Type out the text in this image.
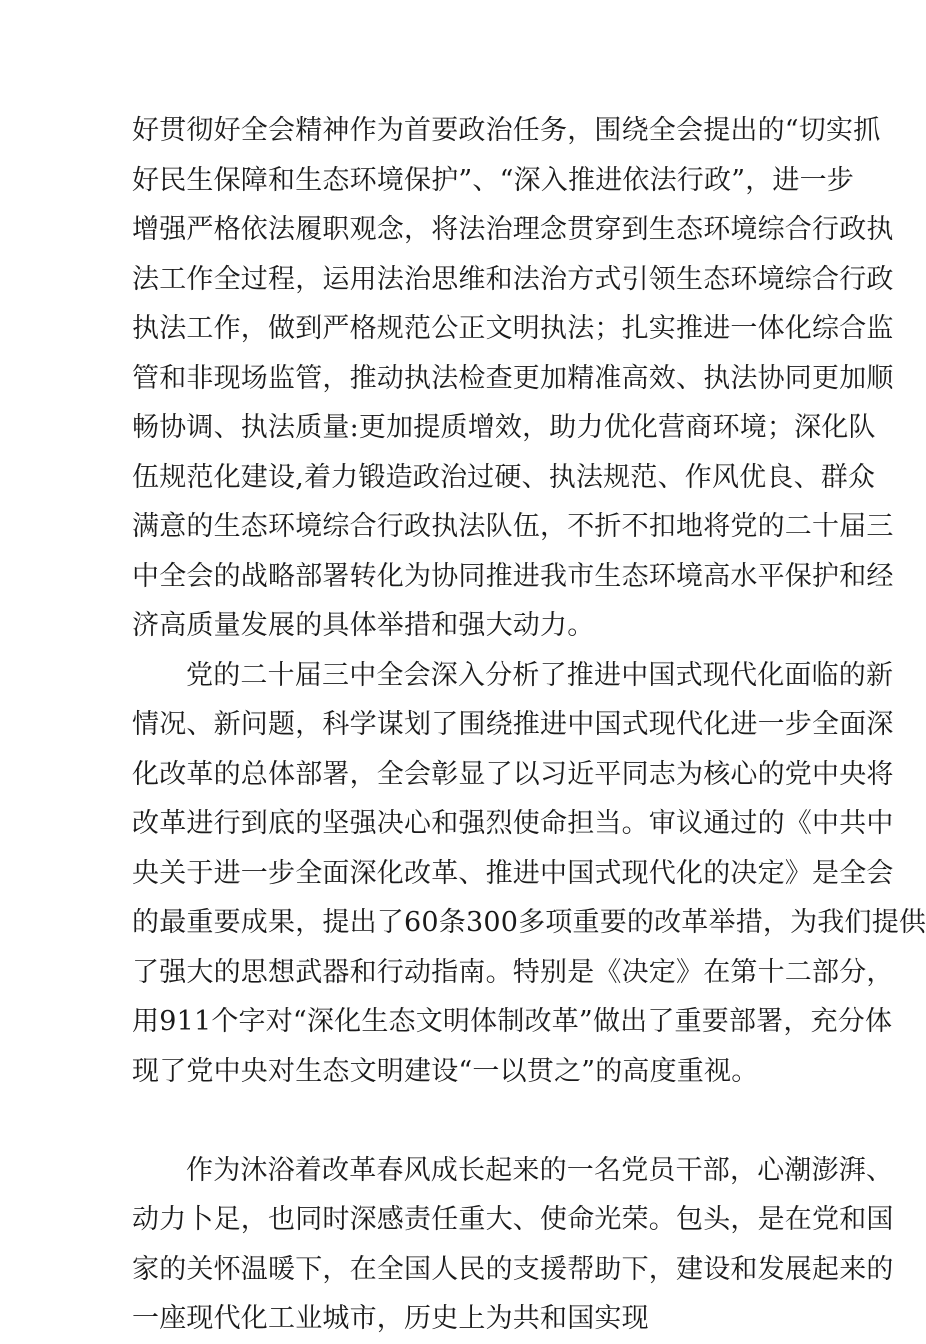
好贯彻好全会精神作为首要政治任务，围绕全会提出的“切实抓
好民生保障和生态环境保护”、“深入推进依法行政”，进一步
增强严格依法履职观念，将法治理念贯穿到生态环境综合行政执
法工作全过程，运用法治思维和法治方式引领生态环境综合行政
执法工作，做到严格规范公正文明执法；扎实推进一体化综合监
管和非现场监管，推动执法检查更加精准高效、执法协同更加顺
畅协调、执法质量:更加提质增效，助力优化营商环境；深化队
伍规范化建设,着力锻造政治过硬、执法规范、作风优良、群众
满意的生态环境综合行政执法队伍，不折不扣地将党的二十届三
中全会的战略部署转化为协同推进我市生态环境高水平保护和经
济高质量发展的具体举措和强大动力。
党的二十届三中全会深入分析了推进中国式现代化面临的新
情况、新问题，科学谋划了围绕推进中国式现代化进一步全面深
化改革的总体部署，全会彰显了以习近平同志为核心的党中央将
改革进行到底的坚强决心和强烈使命担当。审议通过的《中共中
央关于进一步全面深化改革、推进中国式现代化的决定》是全会
的最重要成果，提出了60条300多项重要的改革举措，为我们提供
了强大的思想武器和行动指南。特别是《决定》在第十二部分，
用911个字对“深化生态文明体制改革”做出了重要部署，充分体
现了党中央对生态文明建设“一以贯之”的高度重视。
作为沐浴着改革春风成长起来的一名党员干部，心潮澎湃、
动力卜足，也同时深感责任重大、使命光荣。包头，是在党和国
家的关怀温暖下，在全国人民的支援帮助下，建设和发展起来的
一座现代化工业城市，历史上为共和国实现
